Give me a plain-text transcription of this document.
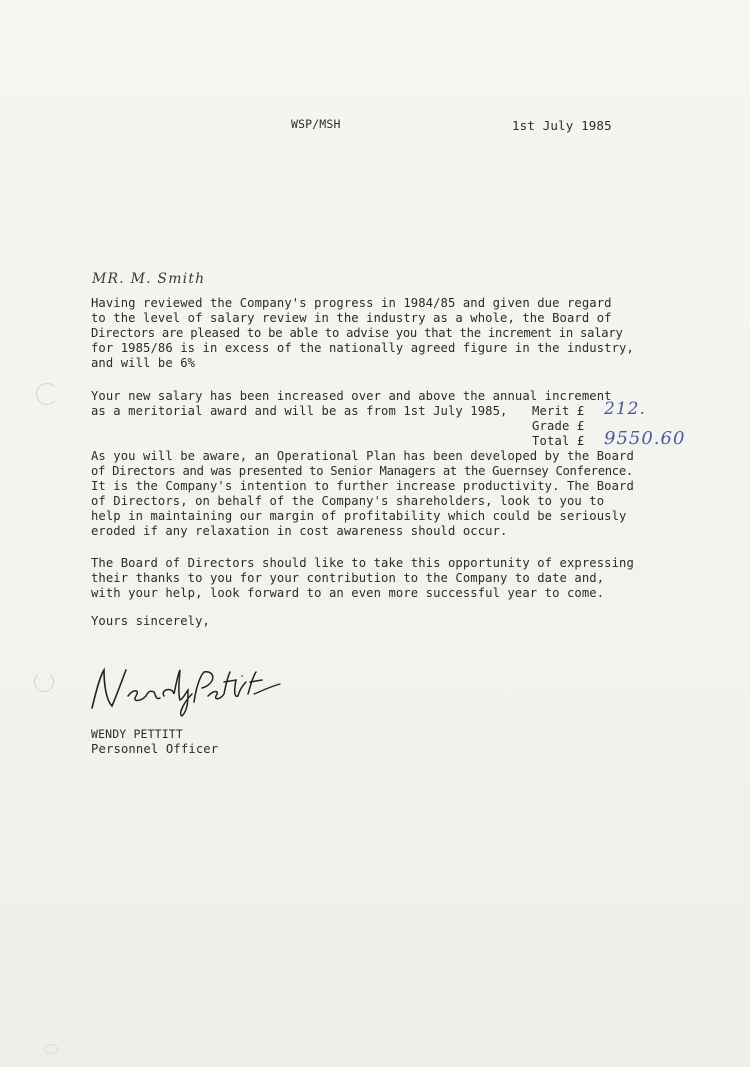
WSP/MSH	1st July 1985
MR. M. Smith
Having reviewed the Company's progress in 1984/85 and given due regard
to the level of salary review in the industry as a whole, the Board of
Directors are pleased to be able to advise you that the increment in salary
for 1985/86 is in excess of the nationally agreed figure in the industry,
and will be 6%
Your new salary has been increased over and above the annual increment
as a meritorial award and will be as from 1st July 1985, Merit £ 212.
Grade £
Total £ 9550.60
As you will be aware, an Operational Plan has been developed by the Board
of Directors and was presented to Senior Managers at the Guernsey Conference.
It is the Company's intention to further increase productivity. The Board
of Directors, on behalf of the Company's shareholders, look to you to
help in maintaining our margin of profitability which could be seriously
eroded if any relaxation in cost awareness should occur.
The Board of Directors should like to take this opportunity of expressing
their thanks to you for your contribution to the Company to date and,
with your help, look forward to an even more successful year to come.
Yours sincerely,
WENDY PETTITT
Personnel Officer
